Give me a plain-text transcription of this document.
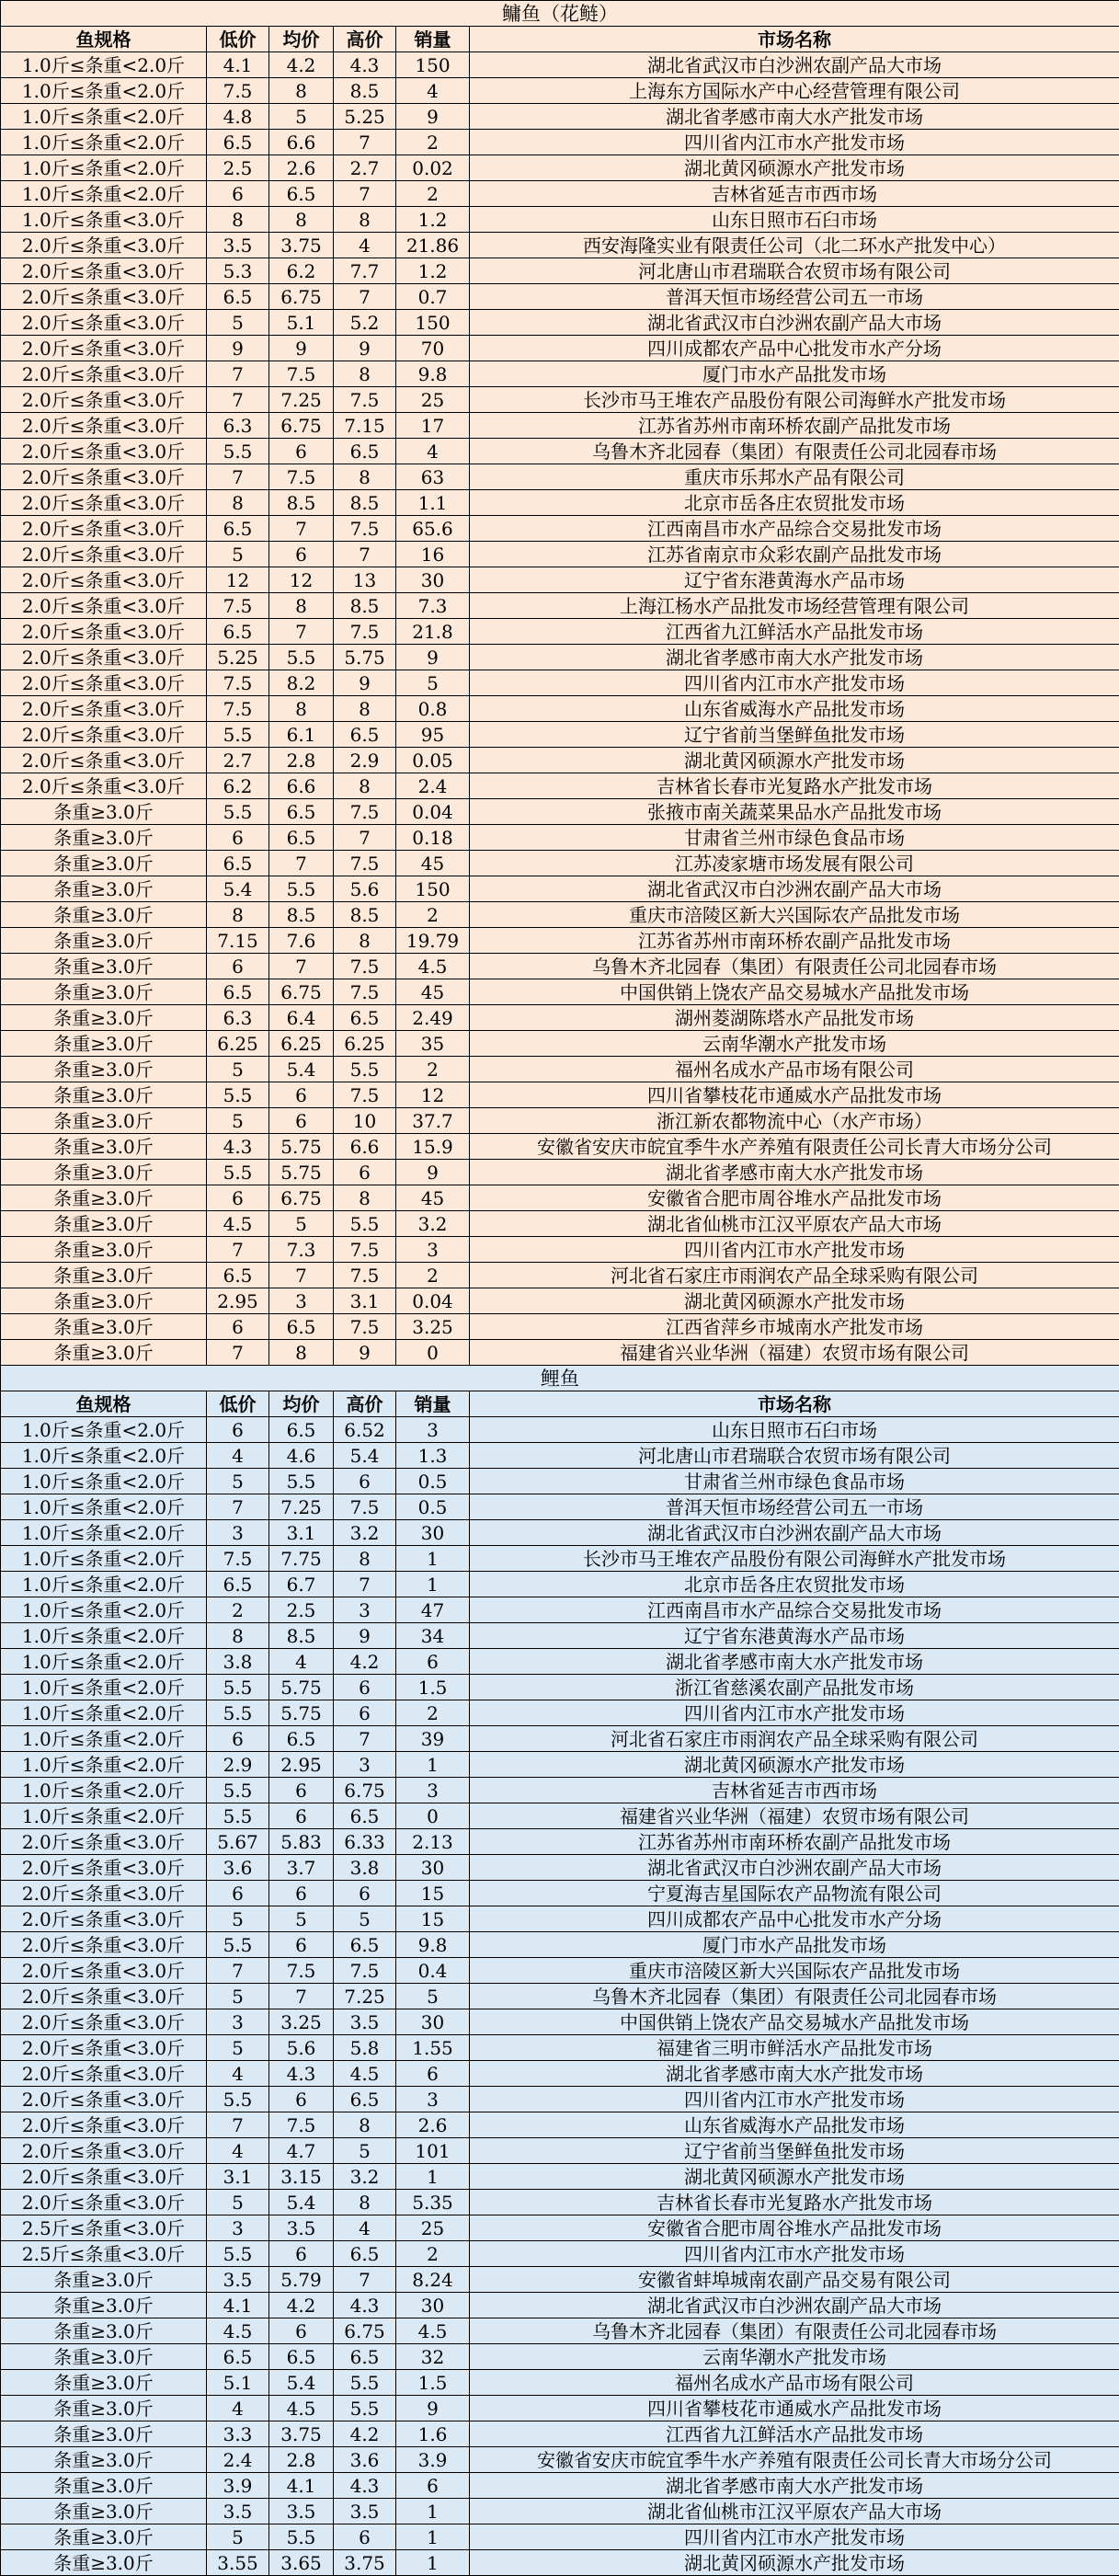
鳙鱼（花鲢）					
鱼规格	低价	均价	高价	销量	市场名称
1.0斤≤条重<2.0斤	4.1	4.2	4.3	150	湖北省武汉市白沙洲农副产品大市场
1.0斤≤条重<2.0斤	7.5	8	8.5	4	上海东方国际水产中心经营管理有限公司
1.0斤≤条重<2.0斤	4.8	5	5.25	9	湖北省孝感市南大水产批发市场
1.0斤≤条重<2.0斤	6.5	6.6	7	2	四川省内江市水产批发市场
1.0斤≤条重<2.0斤	2.5	2.6	2.7	0.02	湖北黄冈硕源水产批发市场
1.0斤≤条重<2.0斤	6	6.5	7	2	吉林省延吉市西市场
1.0斤≤条重<3.0斤	8	8	8	1.2	山东日照市石臼市场
2.0斤≤条重<3.0斤	3.5	3.75	4	21.86	西安海隆实业有限责任公司（北二环水产批发中心）
2.0斤≤条重<3.0斤	5.3	6.2	7.7	1.2	河北唐山市君瑞联合农贸市场有限公司
2.0斤≤条重<3.0斤	6.5	6.75	7	0.7	普洱天恒市场经营公司五一市场
2.0斤≤条重<3.0斤	5	5.1	5.2	150	湖北省武汉市白沙洲农副产品大市场
2.0斤≤条重<3.0斤	9	9	9	70	四川成都农产品中心批发市水产分场
2.0斤≤条重<3.0斤	7	7.5	8	9.8	厦门市水产品批发市场
2.0斤≤条重<3.0斤	7	7.25	7.5	25	长沙市马王堆农产品股份有限公司海鲜水产批发市场
2.0斤≤条重<3.0斤	6.3	6.75	7.15	17	江苏省苏州市南环桥农副产品批发市场
2.0斤≤条重<3.0斤	5.5	6	6.5	4	乌鲁木齐北园春（集团）有限责任公司北园春市场
2.0斤≤条重<3.0斤	7	7.5	8	63	重庆市乐邦水产品有限公司
2.0斤≤条重<3.0斤	8	8.5	8.5	1.1	北京市岳各庄农贸批发市场
2.0斤≤条重<3.0斤	6.5	7	7.5	65.6	江西南昌市水产品综合交易批发市场
2.0斤≤条重<3.0斤	5	6	7	16	江苏省南京市众彩农副产品批发市场
2.0斤≤条重<3.0斤	12	12	13	30	辽宁省东港黄海水产品市场
2.0斤≤条重<3.0斤	7.5	8	8.5	7.3	上海江杨水产品批发市场经营管理有限公司
2.0斤≤条重<3.0斤	6.5	7	7.5	21.8	江西省九江鲜活水产品批发市场
2.0斤≤条重<3.0斤	5.25	5.5	5.75	9	湖北省孝感市南大水产批发市场
2.0斤≤条重<3.0斤	7.5	8.2	9	5	四川省内江市水产批发市场
2.0斤≤条重<3.0斤	7.5	8	8	0.8	山东省威海水产品批发市场
2.0斤≤条重<3.0斤	5.5	6.1	6.5	95	辽宁省前当堡鲜鱼批发市场
2.0斤≤条重<3.0斤	2.7	2.8	2.9	0.05	湖北黄冈硕源水产批发市场
2.0斤≤条重<3.0斤	6.2	6.6	8	2.4	吉林省长春市光复路水产批发市场
条重≥3.0斤	5.5	6.5	7.5	0.04	张掖市南关蔬菜果品水产品批发市场
条重≥3.0斤	6	6.5	7	0.18	甘肃省兰州市绿色食品市场
条重≥3.0斤	6.5	7	7.5	45	江苏凌家塘市场发展有限公司
条重≥3.0斤	5.4	5.5	5.6	150	湖北省武汉市白沙洲农副产品大市场
条重≥3.0斤	8	8.5	8.5	2	重庆市涪陵区新大兴国际农产品批发市场
条重≥3.0斤	7.15	7.6	8	19.79	江苏省苏州市南环桥农副产品批发市场
条重≥3.0斤	6	7	7.5	4.5	乌鲁木齐北园春（集团）有限责任公司北园春市场
条重≥3.0斤	6.5	6.75	7.5	45	中国供销上饶农产品交易城水产品批发市场
条重≥3.0斤	6.3	6.4	6.5	2.49	湖州菱湖陈塔水产品批发市场
条重≥3.0斤	6.25	6.25	6.25	35	云南华潮水产批发市场
条重≥3.0斤	5	5.4	5.5	2	福州名成水产品市场有限公司
条重≥3.0斤	5.5	6	7.5	12	四川省攀枝花市通威水产品批发市场
条重≥3.0斤	5	6	10	37.7	浙江新农都物流中心（水产市场）
条重≥3.0斤	4.3	5.75	6.6	15.9	安徽省安庆市皖宜季牛水产养殖有限责任公司长青大市场分公司
条重≥3.0斤	5.5	5.75	6	9	湖北省孝感市南大水产批发市场
条重≥3.0斤	6	6.75	8	45	安徽省合肥市周谷堆水产品批发市场
条重≥3.0斤	4.5	5	5.5	3.2	湖北省仙桃市江汉平原农产品大市场
条重≥3.0斤	7	7.3	7.5	3	四川省内江市水产批发市场
条重≥3.0斤	6.5	7	7.5	2	河北省石家庄市雨润农产品全球采购有限公司
条重≥3.0斤	2.95	3	3.1	0.04	湖北黄冈硕源水产批发市场
条重≥3.0斤	6	6.5	7.5	3.25	江西省萍乡市城南水产批发市场
条重≥3.0斤	7	8	9	0	福建省兴业华洲（福建）农贸市场有限公司
鲤鱼					
鱼规格	低价	均价	高价	销量	市场名称
1.0斤≤条重<2.0斤	6	6.5	6.52	3	山东日照市石臼市场
1.0斤≤条重<2.0斤	4	4.6	5.4	1.3	河北唐山市君瑞联合农贸市场有限公司
1.0斤≤条重<2.0斤	5	5.5	6	0.5	甘肃省兰州市绿色食品市场
1.0斤≤条重<2.0斤	7	7.25	7.5	0.5	普洱天恒市场经营公司五一市场
1.0斤≤条重<2.0斤	3	3.1	3.2	30	湖北省武汉市白沙洲农副产品大市场
1.0斤≤条重<2.0斤	7.5	7.75	8	1	长沙市马王堆农产品股份有限公司海鲜水产批发市场
1.0斤≤条重<2.0斤	6.5	6.7	7	1	北京市岳各庄农贸批发市场
1.0斤≤条重<2.0斤	2	2.5	3	47	江西南昌市水产品综合交易批发市场
1.0斤≤条重<2.0斤	8	8.5	9	34	辽宁省东港黄海水产品市场
1.0斤≤条重<2.0斤	3.8	4	4.2	6	湖北省孝感市南大水产批发市场
1.0斤≤条重<2.0斤	5.5	5.75	6	1.5	浙江省慈溪农副产品批发市场
1.0斤≤条重<2.0斤	5.5	5.75	6	2	四川省内江市水产批发市场
1.0斤≤条重<2.0斤	6	6.5	7	39	河北省石家庄市雨润农产品全球采购有限公司
1.0斤≤条重<2.0斤	2.9	2.95	3	1	湖北黄冈硕源水产批发市场
1.0斤≤条重<2.0斤	5.5	6	6.75	3	吉林省延吉市西市场
1.0斤≤条重<2.0斤	5.5	6	6.5	0	福建省兴业华洲（福建）农贸市场有限公司
2.0斤≤条重<3.0斤	5.67	5.83	6.33	2.13	江苏省苏州市南环桥农副产品批发市场
2.0斤≤条重<3.0斤	3.6	3.7	3.8	30	湖北省武汉市白沙洲农副产品大市场
2.0斤≤条重<3.0斤	6	6	6	15	宁夏海吉星国际农产品物流有限公司
2.0斤≤条重<3.0斤	5	5	5	15	四川成都农产品中心批发市水产分场
2.0斤≤条重<3.0斤	5.5	6	6.5	9.8	厦门市水产品批发市场
2.0斤≤条重<3.0斤	7	7.5	7.5	0.4	重庆市涪陵区新大兴国际农产品批发市场
2.0斤≤条重<3.0斤	5	7	7.25	5	乌鲁木齐北园春（集团）有限责任公司北园春市场
2.0斤≤条重<3.0斤	3	3.25	3.5	30	中国供销上饶农产品交易城水产品批发市场
2.0斤≤条重<3.0斤	5	5.6	5.8	1.55	福建省三明市鲜活水产品批发市场
2.0斤≤条重<3.0斤	4	4.3	4.5	6	湖北省孝感市南大水产批发市场
2.0斤≤条重<3.0斤	5.5	6	6.5	3	四川省内江市水产批发市场
2.0斤≤条重<3.0斤	7	7.5	8	2.6	山东省威海水产品批发市场
2.0斤≤条重<3.0斤	4	4.7	5	101	辽宁省前当堡鲜鱼批发市场
2.0斤≤条重<3.0斤	3.1	3.15	3.2	1	湖北黄冈硕源水产批发市场
2.0斤≤条重<3.0斤	5	5.4	8	5.35	吉林省长春市光复路水产批发市场
2.5斤≤条重<3.0斤	3	3.5	4	25	安徽省合肥市周谷堆水产品批发市场
2.5斤≤条重<3.0斤	5.5	6	6.5	2	四川省内江市水产批发市场
条重≥3.0斤	3.5	5.79	7	8.24	安徽省蚌埠城南农副产品交易有限公司
条重≥3.0斤	4.1	4.2	4.3	30	湖北省武汉市白沙洲农副产品大市场
条重≥3.0斤	4.5	6	6.75	4.5	乌鲁木齐北园春（集团）有限责任公司北园春市场
条重≥3.0斤	6.5	6.5	6.5	32	云南华潮水产批发市场
条重≥3.0斤	5.1	5.4	5.5	1.5	福州名成水产品市场有限公司
条重≥3.0斤	4	4.5	5.5	9	四川省攀枝花市通威水产品批发市场
条重≥3.0斤	3.3	3.75	4.2	1.6	江西省九江鲜活水产品批发市场
条重≥3.0斤	2.4	2.8	3.6	3.9	安徽省安庆市皖宜季牛水产养殖有限责任公司长青大市场分公司
条重≥3.0斤	3.9	4.1	4.3	6	湖北省孝感市南大水产批发市场
条重≥3.0斤	3.5	3.5	3.5	1	湖北省仙桃市江汉平原农产品大市场
条重≥3.0斤	5	5.5	6	1	四川省内江市水产批发市场
条重≥3.0斤	3.55	3.65	3.75	1	湖北黄冈硕源水产批发市场
